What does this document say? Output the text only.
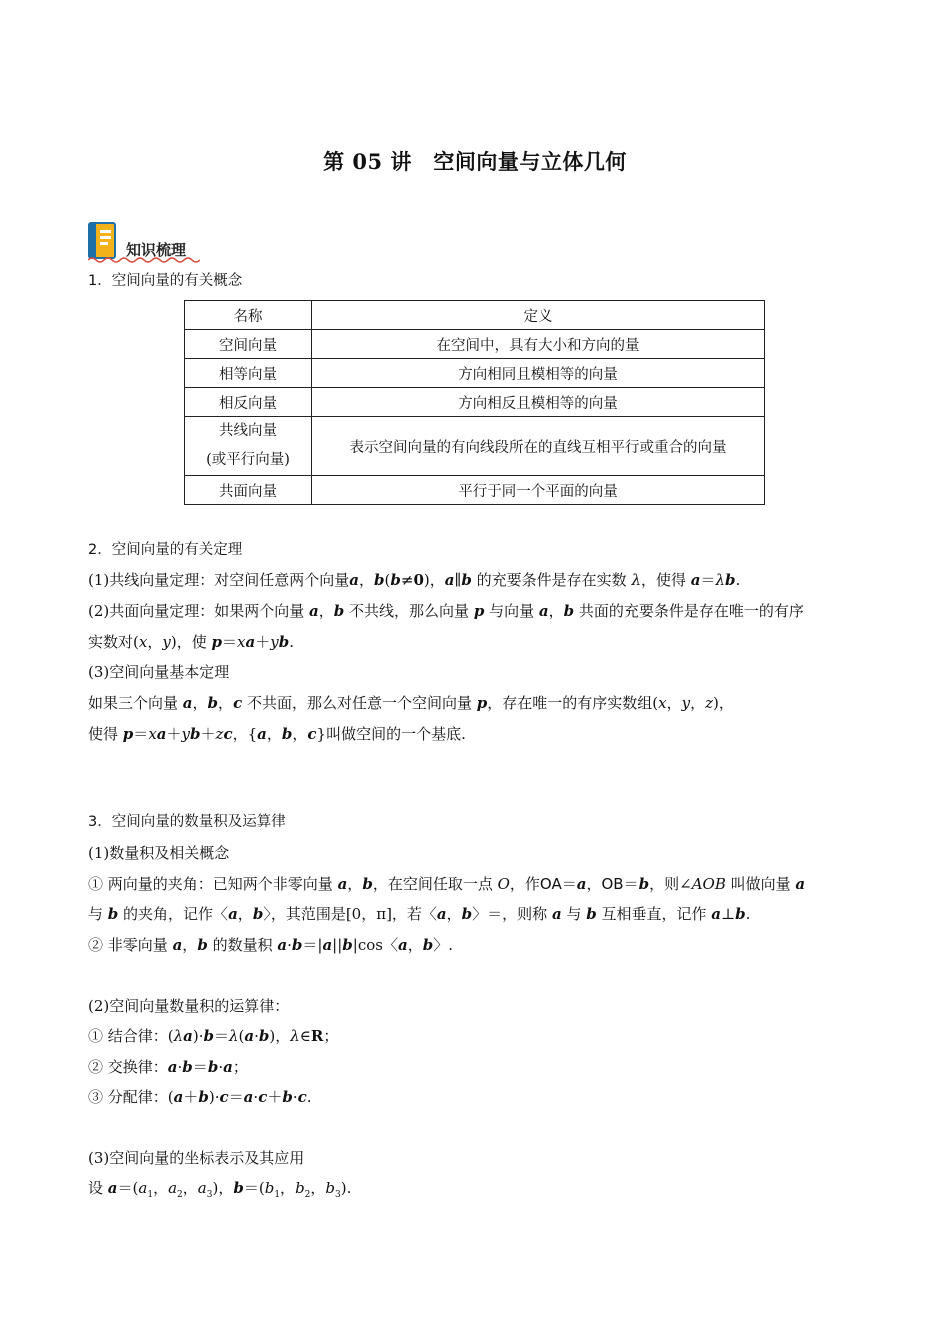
第 05 讲　空间向量与立体几何
知识梳理
1．空间向量的有关概念
名称	定义
空间向量	在空间中，具有大小和方向的量
相等向量	方向相同且模相等的向量
相反向量	方向相反且模相等的向量

共线向量
(或平行向量)	表示空间向量的有向线段所在的直线互相平行或重合的向量
共面向量	平行于同一个平面的向量
2．空间向量的有关定理
(1)共线向量定理：对空间任意两个向量a，b(b≠0)，a∥b 的充要条件是存在实数 λ，使得 a＝λb.
(2)共面向量定理：如果两个向量 a，b 不共线，那么向量 p 与向量 a，b 共面的充要条件是存在唯一的有序
实数对(x，y)，使 p＝xa＋yb.
(3)空间向量基本定理
如果三个向量 a，b，c 不共面，那么对任意一个空间向量 p，存在唯一的有序实数组(x，y，z)，
使得 p＝xa＋yb＋zc，{a，b，c}叫做空间的一个基底.
3．空间向量的数量积及运算律
(1)数量积及相关概念
① 两向量的夹角：已知两个非零向量 a，b，在空间任取一点 O，作OA＝a，OB＝b，则∠AOB 叫做向量 a
与 b 的夹角，记作〈a，b〉，其范围是[0，π]，若〈a，b〉＝，则称 a 与 b 互相垂直，记作 a⊥b.
② 非零向量 a，b 的数量积 a·b＝|a||b|cos〈a，b〉.
(2)空间向量数量积的运算律：
① 结合律：(λa)·b＝λ(a·b)，λ∈R；
② 交换律：a·b＝b·a；
③ 分配律：(a＋b)·c＝a·c＋b·c.
(3)空间向量的坐标表示及其应用
设 $a=(a_1$，$a_2$，$a_3$)，$b=(b_1$，$b_2$，$b_3$).
